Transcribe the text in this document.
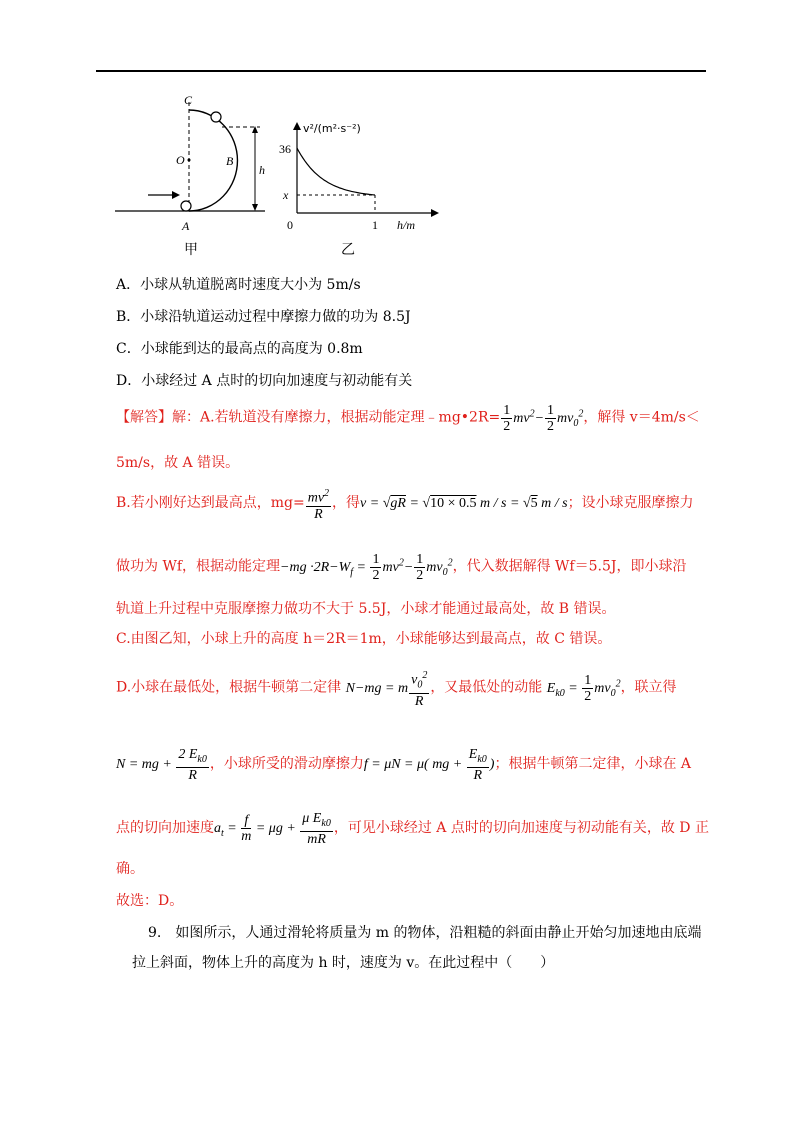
C
O	B
A
h
甲
v²/(m²·s⁻²)
36
x
0	1 h/m
乙
A．小球从轨道脱离时速度大小为 5m/s
B．小球沿轨道运动过程中摩擦力做的功为 8.5J
C．小球能到达的最高点的高度为 0.8m
D．小球经过 A 点时的切向加速度与初动能有关
【解答】解：A.若轨道没有摩擦力，根据动能定理﹣mg•2R= $\frac{1}{2} mv^2- \frac{1}{2} mv_0^2$，解得 v＝4m/s＜
5m/s，故 A 错误。
B.若小刚好达到最高点，$mg= \frac{mv^2}{R}$ ，得v = √gR = √10 × 0.5 m / s = √5 m / s；设小球克服摩擦力
做功为 Wf，根据动能定理$-mg \cdot 2R-W_f = \frac{1}{2} mv^2- \frac{1}{2} mv_0^2$，代入数据解得 Wf＝5.5J，即小球沿
轨道上升过程中克服摩擦力做功不大于 5.5J，小球才能通过最高处，故 B 错误。
C.由图乙知，小球上升的高度 h＝2R＝1m，小球能够达到最高点，故 C 错误。
D.小球在最低处，根据牛顿第二定律 N−mg = m $\frac{v_0^2}{R}$ ，又最低处的动能 $E_{k0} = \frac{1}{2} mv_0^2$，联立得
N = mg + $\frac{2 E_{k0}}{R}$ ，小球所受的滑动摩擦力f = μN = μ( mg + $\frac{E_{k0}}{R}$ )；根据牛顿第二定律，小球在 A
点的切向加速度$a_t = \frac{f}{m} = \mu g + \frac{\mu E_{k0}}{mR}$ ，可见小球经过 A 点时的切向加速度与初动能有关，故 D 正
确。
故选：D。
9.　如图所示，人通过滑轮将质量为 m 的物体，沿粗糙的斜面由静止开始匀加速地由底端
拉上斜面，物体上升的高度为 h 时，速度为 v。在此过程中（　　）
